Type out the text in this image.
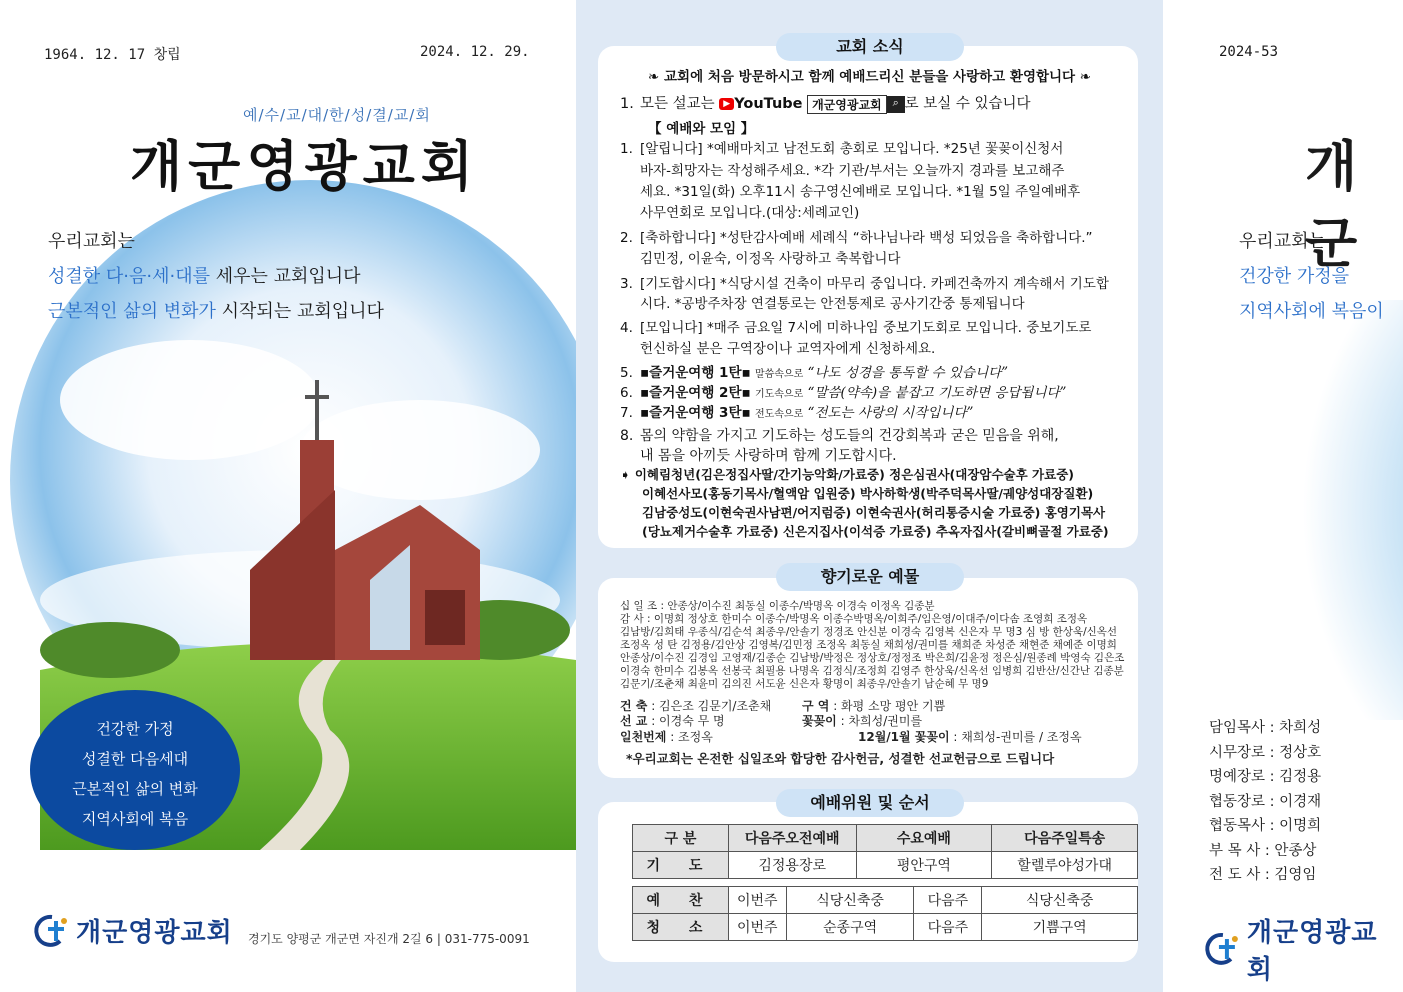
1964. 12. 17 창립	2024. 12. 29.
예/수/교/대/한/성/결/교/회
개군영광교회
우리교회는
성결한 다·음·세·대를 세우는 교회입니다
근본적인 삶의 변화가 시작되는 교회입니다
건강한 가정
성결한 다음세대
근본적인 삶의 변화
지역사회에 복음
개군영광교회 경기도 양평군 개군면 자진개 2길 6 | 031-775-0091
교회 소식
❧ 교회에 처음 방문하시고 함께 예배드리신 분들을 사랑하고 환영합니다 ❧
1. 모든 설교는 ▶ YouTube 개군영광교회 ⌕ 로 보실 수 있습니다
【 예배와 모임 】
1. [알립니다] *예배마치고 남전도회 총회로 모입니다. *25년 꽃꽂이신청서
바자-희망자는 작성해주세요. *각 기관/부서는 오늘까지 경과를 보고해주
세요. *31일(화) 오후11시 송구영신예배로 모입니다. *1월 5일 주일예배후
사무연회로 모입니다.(대상:세례교인)
2. [축하합니다] *성탄감사예배 세례식 “하나님나라 백성 되었음을 축하합니다.”
김민정, 이윤숙, 이정옥 사랑하고 축복합니다
3. [기도합시다] *식당시설 건축이 마무리 중입니다. 카페건축까지 계속해서 기도합
시다. *공방주차장 연결통로는 안전통제로 공사기간중 통제됩니다
4. [모입니다] *매주 금요일 7시에 미하나임 중보기도회로 모입니다. 중보기도로
헌신하실 분은 구역장이나 교역자에게 신청하세요.
5. ▪즐거운여행 1탄▪ 말씀속으로 “나도 성경을 통독할 수 있습니다”
6. ▪즐거운여행 2탄▪ 기도속으로 “말씀(약속)을 붙잡고 기도하면 응답됩니다”
7. ▪즐거운여행 3탄▪ 전도속으로 “전도는 사랑의 시작입니다”
8. 몸의 약함을 가지고 기도하는 성도들의 건강회복과 굳은 믿음을 위해,
내 몸을 아끼듯 사랑하며 함께 기도합시다.
➧ 이혜림청년(김은정집사딸/간기능악화/가료중) 정은심권사(대장암수술후 가료중)
이혜선사모(홍동기목사/혈액암 입원중) 박사하학생(박주덕목사딸/궤양성대장질환)
김남중성도(이현숙권사남편/어지럼증) 이현숙권사(허리통증시술 가료중) 홍영기목사
(당뇨제거수술후 가료중) 신은지집사(이석증 가료중) 추옥자집사(갈비뼈골절 가료중)
향기로운 예물
십 일 조 : 안종상/이수진 최동실 이종수/박명옥 이경숙 이정옥 김종분
감 사 : 이명희 정상호 한미수 이종수/박명옥 이종수박명옥/이희주/임은영/이대주/이다솜 조영희 조정옥
김남방/김희태 우종식/김순석 최종우/안솔기 정경조 안신분 이경숙 김영복 신은자 무 명3 심 방 한상욱/신옥선
조정옥 성 탄 김정용/김안상 김영복/김민정 조정옥 최동실 채희성/권미를 채희준 차성준 채현준 채예준 이명희
안종상/이수진 김경임 고영재/김종순 김남방/박정은 정상호/정정조 박은희/김윤정 정은심/원종례 박영숙 김은조
이경숙 한미수 김봉옥 선봉국 최필용 나명옥 김정식/조정희 김영주 한상욱/신옥선 임병희 김반산/신간난 김종분
김문기/조춘채 최윤미 김의진 서도윤 신은자 황명이 최종우/안솔기 남순혜 무 명9
건 축 : 김은조 김문기/조춘채	구 역 : 화평 소망 평안 기쁨
선 교 : 이경숙 무 명	꽃꽂이 : 차희성/권미를
일천번제 : 조정옥	12월/1월 꽃꽂이 : 채희성-권미를 / 조정옥
*우리교회는 온전한 십일조와 합당한 감사헌금, 성결한 선교헌금으로 드립니다
예배위원 및 순서
구 분	다음주오전예배	수요예배	다음주일특송
기 도	김정용장로	평안구역	할렐루야성가대
예 찬	이번주	식당신축중	다음주	식당신축중
청 소	이번주	순종구역	다음주	기쁨구역
2024-53
개군
우리교회는
건강한 가정을
지역사회에 복음이
담임목사 : 차희성
시무장로 : 정상호
명예장로 : 김정용
협동장로 : 이경재
협동목사 : 이명희
부 목 사 : 안종상
전 도 사 : 김영임
개군영광교회
